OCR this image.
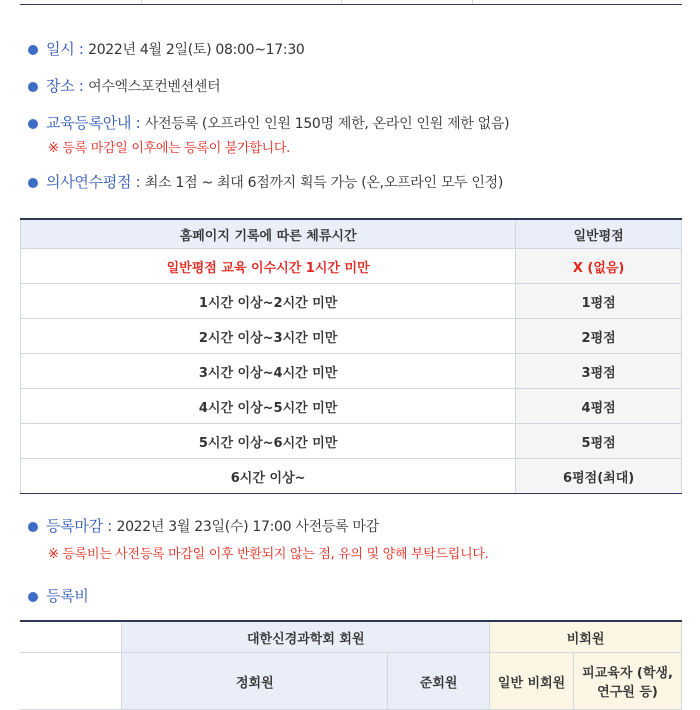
일시 : 2022년 4월 2일(토) 08:00~17:30
장소 : 여수엑스포컨벤션센터
교육등록안내 : 사전등록 (오프라인 인원 150명 제한, 온라인 인원 제한 없음)
※ 등록 마감일 이후에는 등록이 불가합니다.
의사연수평점 : 최소 1점 ~ 최대 6점까지 획득 가능 (온,오프라인 모두 인정)
홈페이지 기록에 따른 체류시간	일반평점
일반평점 교육 이수시간 1시간 미만	X (없음)
1시간 이상~2시간 미만	1평점
2시간 이상~3시간 미만	2평점
3시간 이상~4시간 미만	3평점
4시간 이상~5시간 미만	4평점
5시간 이상~6시간 미만	5평점
6시간 이상~	6평점(최대)
등록마감 : 2022년 3월 23일(수) 17:00 사전등록 마감
※ 등록비는 사전등록 마감일 이후 반환되지 않는 점, 유의 및 양해 부탁드립니다.
등록비
	대한신경과학회 회원		비회원	
	정회원	준회원	일반 비회원	피교육자 (학생, 연구원 등)
